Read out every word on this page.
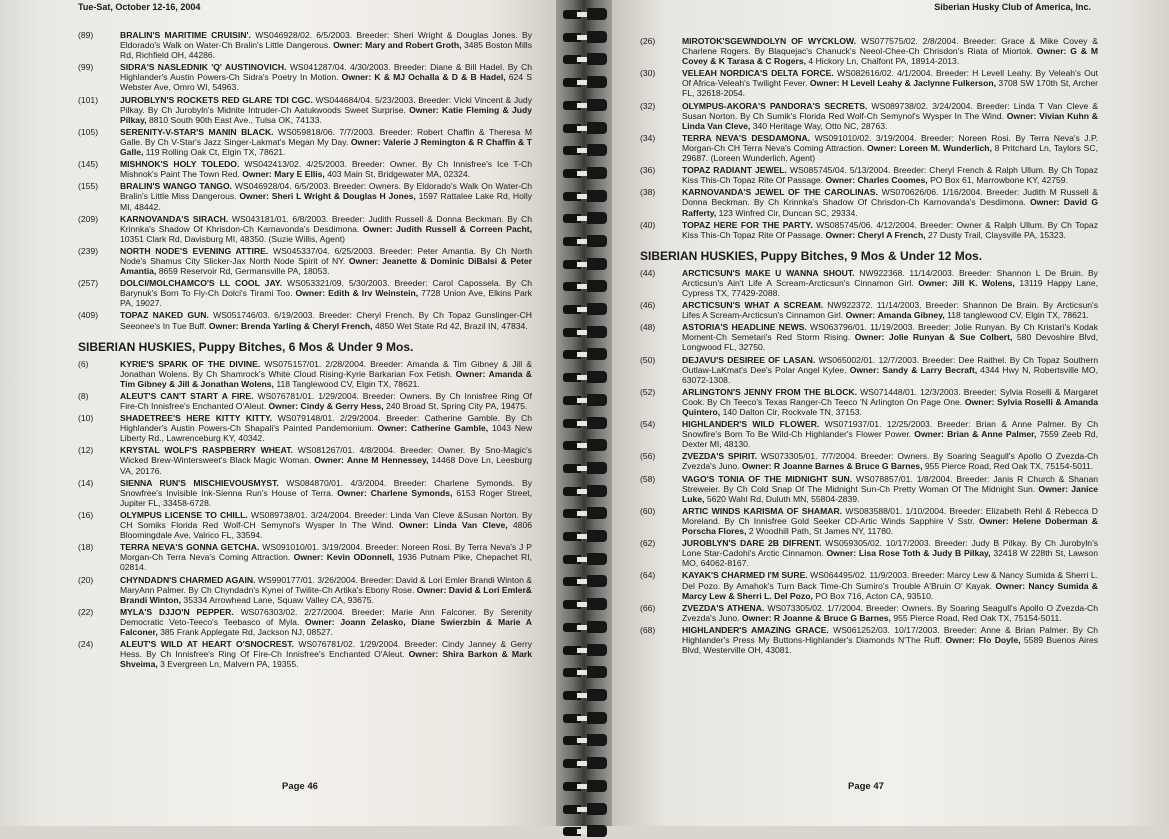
Tue-Sat, October 12-16, 2004
(89)	BRALIN'S MARITIME CRUISIN'. WS046928/02. 6/5/2003. Breeder: Sheri Wright & Douglas Jones. By Eldorado's Walk on Water-Ch Bralin's Little Dangerous. Owner: Mary and Robert Groth, 3485 Boston Mills Rd, Richfield OH, 44286.
(99)	SIDRA'S NASLEDNIK 'Q' AUSTINOVICH. WS041287/04. 4/30/2003. Breeder: Diane & Bill Hadel. By Ch Highlander's Austin Powers-Ch Sidra's Poetry In Motion. Owner: K & MJ Ochalla & D & B Hadel, 624 S Webster Ave, Omro WI, 54963.
(101)	JUROBLYN'S ROCKETS RED GLARE TDI CGC. WS044684/04. 5/23/2003. Breeder: Vicki Vincent & Judy Pilkay. By Ch Jurobyln's Midnite Intruder-Ch Aatukwoods Sweet Surprise. Owner: Katie Fleming & Judy Pilkay, 8810 South 90th East Ave., Tulsa OK, 74133.
(105)	SERENITY-V-STAR'S MANIN BLACK. WS059818/06. 7/7/2003. Breeder: Robert Chaffin & Theresa M Galle. By Ch V-Star's Jazz Singer-Lakmat's Megan My Day. Owner: Valerie J Remington & R Chaffin & T Galle, 119 Rolling Oak Ct, Elgin TX, 78621.
(145)	MISHNOK'S HOLY TOLEDO. WS042413/02. 4/25/2003. Breeder: Owner. By Ch Innisfree's Ice T-Ch Mishnok's Paint The Town Red. Owner: Mary E Ellis, 403 Main St, Bridgewater MA, 02324.
(155)	BRALIN'S WANGO TANGO. WS046928/04. 6/5/2003. Breeder: Owners. By Eldorado's Walk On Water-Ch Bralin's Little Miss Dangerous. Owner: Sheri L Wright & Douglas H Jones, 1597 Rattalee Lake Rd, Holly MI, 48442.
(209)	KARNOVANDA'S SIRACH. WS043181/01. 6/8/2003. Breeder: Judith Russell & Donna Beckman. By Ch Krinnka's Shadow Of Khrisdon-Ch Karnavonda's Desdimona. Owner: Judith Russell & Correen Pacht, 10351 Clark Rd, Davisburg MI, 48350. (Suzie Willis, Agent)
(239)	NORTH NODE'S EVENING ATTIRE. WS045337/04. 6/25/2003. Breeder: Peter Amantia. By Ch North Node's Shamus City Slicker-Jax North Node Spirit of NY. Owner: Jeanette & Dominic DiBalsi & Peter Amantia, 8659 Reservoir Rd, Germansville PA, 18053.
(257)	DOLCI/MOLCHAMCO'S LL COOL JAY. WS053321/09. 5/30/2003. Breeder: Carol Capossela. By Ch Barynuk's Born To Fly-Ch Dolci's Tirami Too. Owner: Edith & Irv Weinstein, 7728 Union Ave, Elkins Park PA, 19027.
(409)	TOPAZ NAKED GUN. WS051746/03. 6/19/2003. Breeder: Cheryl French. By Ch Topaz Gunslinger-CH Seeonee's In Tue Buff. Owner: Brenda Yarling & Cheryl French, 4850 Wet State Rd 42, Brazil IN, 47834.
SIBERIAN HUSKIES, Puppy Bitches, 6 Mos & Under 9 Mos.
(6)	KYRIE'S SPARK OF THE DIVINE. WS075157/01. 2/28/2004. Breeder: Amanda & Tim Gibney & Jill & Jonathan Wolens. By Ch Shamrock's White Cloud Rising-Kyrie Barkarian Fox Fetish. Owner: Amanda & Tim Gibney & Jill & Jonathan Wolens, 118 Tanglewood CV, Elgin TX, 78621.
(8)	ALEUT'S CAN'T START A FIRE. WS076781/01. 1/29/2004. Breeder: Owners. By Ch Innisfree Ring Of Fire-Ch Innisfree's Enchanted O'Aleut. Owner: Cindy & Gerry Hess, 240 Broad St, Spring City PA, 19475.
(10)	SHADETREE'S HERE KITTY KITTY. WS079148/01. 2/29/2004. Breeder: Catherine Gamble. By Ch Highlander's Austin Powers-Ch Shapali's Painted Pandemonium. Owner: Catherine Gamble, 1043 New Liberty Rd., Lawrenceburg KY, 40342.
(12)	KRYSTAL WOLF'S RASPBERRY WHEAT. WS081267/01. 4/8/2004. Breeder: Owner. By Sno-Magic's Wicked Brew-Wintersweet's Black Magic Woman. Owner: Anne M Hennessey, 14468 Dove Ln, Leesburg VA, 20176.
(14)	SIENNA RUN'S MISCHIEVOUSMYST. WS084870/01. 4/3/2004. Breeder: Charlene Symonds. By Snowfree's Invisible Ink-Sienna Run's House of Terra. Owner: Charlene Symonds, 6153 Roger Street, Jupiter FL, 33458-6728.
(16)	OLYMPUS LICENSE TO CHILL. WS089738/01. 3/24/2004. Breeder: Linda Van Cleve &Susan Norton. By CH Somiks Florida Red Wolf-CH Semynol's Wysper In The Wind. Owner: Linda Van Cleve, 4806 Bloomingdale Ave, Valrico FL, 33594.
(18)	TERRA NEVA'S GONNA GETCHA. WS091010/01. 3/19/2004. Breeder: Noreen Rosi. By Terra Neva's J P Morgan-Ch Terra Neva's Coming Attraction. Owner: Kevin ODonnell, 1936 Putnam Pike, Chepachet RI, 02814.
(20)	CHYNDADN'S CHARMED AGAIN. WS990177/01. 3/26/2004. Breeder: David & Lori Emler Brandi Winton & MaryAnn Palmer. By Ch Chyndadn's Kynei of Twilite-Ch Artika's Ebony Rose. Owner: David & Lori Emler& Brandi Winton, 35334 Arrowhead Lane, Squaw Valley CA, 93675.
(22)	MYLA'S DJJO'N PEPPER. WS076303/02. 2/27/2004. Breeder: Marie Ann Falconer. By Serenity Democratic Veto-Teeco's Teebasco of Myla. Owner: Joann Zelasko, Diane Swierzbin & Marie A Falconer, 385 Frank Applegate Rd, Jackson NJ, 08527.
(24)	ALEUT'S WILD AT HEART O'SNOCREST. WS076781/02. 1/29/2004. Breeder: Cindy Janney & Gerry Hess. By Ch Innisfree's Ring Of Fire-Ch Innisfree's Enchanted O'Aleut. Owner: Shira Barkon & Mark Shveima, 3 Evergreen Ln, Malvern PA, 19355.
Page 46
Siberian Husky Club of America, Inc.
(26)	MIROTOK'SGEWNDOLYN OF WYCKLOW. WS077575/02. 2/8/2004. Breeder: Grace & Mike Covey & Charlene Rogers. By Blaquejac's Chanuck's Neeol-Chee-Ch Chrisdon's Riata of Miortok. Owner: G & M Covey & K Tarasa & C Rogers, 4 Hickory Ln, Chalfont PA, 18914-2013.
(30)	VELEAH NORDICA'S DELTA FORCE. WS082616/02. 4/1/2004. Breeder: H Levell Leahy. By Veleah's Out Of Africa-Veleah's Twilight Fever. Owner: H Levell Leahy & Jaclynne Fulkerson, 3708 SW 170th St, Archer FL, 32618-2054.
(32)	OLYMPUS-AKORA'S PANDORA'S SECRETS. WS089738/02. 3/24/2004. Breeder: Linda T Van Cleve & Susan Norton. By Ch Sumik's Florida Red Wolf-Ch Semynol's Wysper In The Wind. Owner: Vivian Kuhn & Linda Van Cleve, 340 Heritage Way, Otto NC, 28763.
(34)	TERRA NEVA'S DESDAMONA. WS091010/02. 3/19/2004. Breeder: Noreen Rosi. By Terra Neva's J.P. Morgan-Ch CH Terra Neva's Coming Attraction. Owner: Loreen M. Wunderlich, 8 Pritchard Ln, Taylors SC, 29687. (Loreen Wunderlich, Agent)
(36)	TOPAZ RADIANT JEWEL. WS085745/04. 5/13/2004. Breeder: Cheryl French & Ralph Ullum. By Ch Topaz Kiss This-Ch Topaz Rite Of Passage. Owner: Charles Coomes, PO Box 61, Marrowbone KY, 42759.
(38)	KARNOVANDA'S JEWEL OF THE CAROLINAS. WS070626/06. 1/16/2004. Breeder: Judith M Russell & Donna Beckman. By Ch Krinnka's Shadow Of Chrisdon-Ch Karnovanda's Desdimona. Owner: David G Rafferty, 123 Winfred Cir, Duncan SC, 29334.
(40)	TOPAZ HERE FOR THE PARTY. WS085745/06. 4/12/2004. Breeder: Owner & Ralph Ullum. By Ch Topaz Kiss This-Ch Topaz Rite Of Passage. Owner: Cheryl A French, 27 Dusty Trail, Claysville PA, 15323.
SIBERIAN HUSKIES, Puppy Bitches, 9 Mos & Under 12 Mos.
(44)	ARCTICSUN'S MAKE U WANNA SHOUT. NW922368. 11/14/2003. Breeder: Shannon L De Bruin. By Arcticsun's Ain't Life A Scream-Arcticsun's Cinnamon Girl. Owner: Jill K. Wolens, 13119 Happy Lane, Cypress TX, 77429-2088.
(46)	ARCTICSUN'S WHAT A SCREAM. NW922372. 11/14/2003. Breeder: Shannon De Brain. By Arcticsun's Lifes A Scream-Arcticsun's Cinnamon Girl. Owner: Amanda Gibney, 118 tanglewood CV, Elgin TX, 78621.
(48)	ASTORIA'S HEADLINE NEWS. WS063796/01. 11/19/2003. Breeder: Jolie Runyan. By Ch Kristari's Kodak Moment-Ch Semetari's Red Storm Rising. Owner: Jolie Runyan & Sue Colbert, 580 Devoshire Blvd, Longwood FL, 32750.
(50)	DEJAVU'S DESIREE OF LASAN. WS065002/01. 12/7/2003. Breeder: Dee Raithel. By Ch Topaz Southern Outlaw-LaKmat's Dee's Polar Angel Kylee. Owner: Sandy & Larry Becraft, 4344 Hwy N, Robertsville MO, 63072-1308.
(52)	ARLINGTON'S JENNY FROM THE BLOCK. WS071448/01. 12/3/2003. Breeder: Sylvia Roselli & Margaret Cook. By Ch Teeco's Texas Ranger-Ch Teeco 'N Arlington On Page One. Owner: Sylvia Roselli & Amanda Quintero, 140 Dalton Cir, Rockvale TN, 37153.
(54)	HIGHLANDER'S WILD FLOWER. WS071937/01. 12/25/2003. Breeder: Brian & Anne Palmer. By Ch Snowfire's Born To Be Wild-Ch Highlander's Flower Power. Owner: Brian & Anne Palmer, 7559 Zeeb Rd, Dexter MI, 48130.
(56)	ZVEZDA'S SPIRIT. WS073305/01. 7/7/2004. Breeder: Owners. By Soaring Seagull's Apollo O Zvezda-Ch Zvezda's Juno. Owner: R Joanne Barnes & Bruce G Barnes, 955 Pierce Road, Red Oak TX, 75154-5011.
(58)	VAGO'S TONIA OF THE MIDNIGHT SUN. WS078857/01. 1/8/2004. Breeder: Janis R Church & Shanan Streweier. By Ch Cold Snap Of The Midnight Sun-Ch Pretty Woman Of The Midnight Sun. Owner: Janice Luke, 5620 Wahl Rd, Duluth MN, 55804-2839.
(60)	ARTIC WINDS KARISMA OF SHAMAR. WS083588/01. 1/10/2004. Breeder: Elizabeth Rehl & Rebecca D Moreland. By Ch Innisfree Gold Seeker CD-Artic Winds Sapphire V Sstr. Owner: Helene Doberman & Porscha Flores, 2 Woodhill Path, St James NY, 11780.
(62)	JUROBLYN'S DARE 2B DIFRENT. WS059305/02. 10/17/2003. Breeder: Judy B Pilkay. By Ch Jurobyln's Lone Star-Cadohi's Arctic Cinnamon. Owner: Lisa Rose Toth & Judy B Pilkay, 32418 W 228th St, Lawson MO, 64062-8167.
(64)	KAYAK'S CHARMED I'M SURE. WS064495/02. 11/9/2003. Breeder: Marcy Lew & Nancy Sumida & Sherri L. Del Pozo. By Amahok's Turn Back Time-Ch Sumiro's Trouble A'Bruin O' Kayak. Owner: Nancy Sumida & Marcy Lew & Sherri L. Del Pozo, PO Box 716, Acton CA, 93510.
(66)	ZVEZDA'S ATHENA. WS073305/02. 1/7/2004. Breeder: Owners. By Soaring Seagull's Apollo O Zvezda-Ch Zvezda's Juno. Owner: R Joanne & Bruce G Barnes, 955 Pierce Road, Red Oak TX, 75154-5011.
(68)	HIGHLANDER'S AMAZING GRACE. WS061252/03. 10/17/2003. Breeder: Anne & Brian Palmer. By Ch Highlander's Press My Buttons-Highlander's Diamonds N'The Ruff. Owner: Flo Doyle, 5589 Buenos Aires Blvd, Westerville OH, 43081.
Page 47
